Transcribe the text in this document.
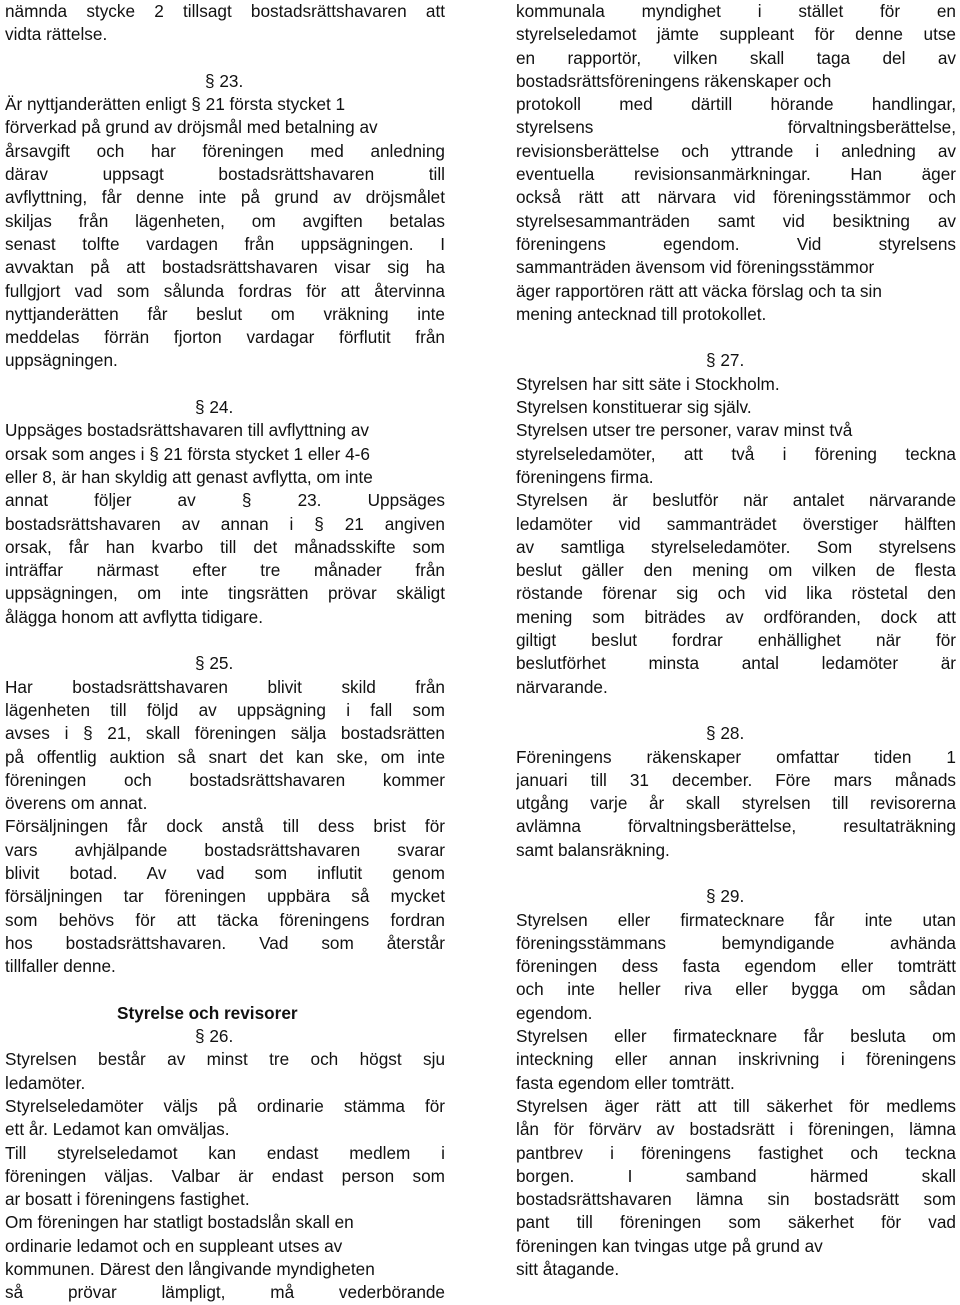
nämnda stycke 2 tillsagt bostadsrättshavaren att
vidta rättelse.
§ 23.
Är nyttjanderätten enligt § 21 första stycket 1
förverkad på grund av dröjsmål med betalning av
årsavgift och har föreningen med anledning
därav uppsagt bostadsrättshavaren till
avflyttning, får denne inte på grund av dröjsmålet
skiljas från lägenheten, om avgiften betalas
senast tolfte vardagen från uppsägningen. I
avvaktan på att bostadsrättshavaren visar sig ha
fullgjort vad som sålunda fordras för att återvinna
nyttjanderätten får beslut om vräkning inte
meddelas förrän fjorton vardagar förflutit från
uppsägningen.
§ 24.
Uppsäges bostadsrättshavaren till avflyttning av
orsak som anges i § 21 första stycket 1 eller 4-6
eller 8, är han skyldig att genast avflytta, om inte
annat följer av § 23. Uppsäges
bostadsrättshavaren av annan i § 21 angiven
orsak, får han kvarbo till det månadsskifte som
inträffar närmast efter tre månader från
uppsägningen, om inte tingsrätten prövar skäligt
ålägga honom att avflytta tidigare.
§ 25.
Har bostadsrättshavaren blivit skild från
lägenheten till följd av uppsägning i fall som
avses i § 21, skall föreningen sälja bostadsrätten
på offentlig auktion så snart det kan ske, om inte
föreningen och bostadsrättshavaren kommer
överens om annat.
Försäljningen får dock anstå till dess brist för
vars avhjälpande bostadsrättshavaren svarar
blivit botad. Av vad som influtit genom
försäljningen tar föreningen uppbära så mycket
som behövs för att täcka föreningens fordran
hos bostadsrättshavaren. Vad som återstår
tillfaller denne.
Styrelse och revisorer
§ 26.
Styrelsen består av minst tre och högst sju
ledamöter.
Styrelseledamöter väljs på ordinarie stämma för
ett år. Ledamot kan omväljas.
Till styrelseledamot kan endast medlem i
föreningen väljas. Valbar är endast person som
ar bosatt i föreningens fastighet.
Om föreningen har statligt bostadslån skall en
ordinarie ledamot och en suppleant utses av
kommunen. Därest den långivande myndigheten
så prövar lämpligt, må vederbörande
kommunala myndighet i stället för en
styrelseledamot jämte suppleant för denne utse
en rapportör, vilken skall taga del av
bostadsrättsföreningens räkenskaper och
protokoll med därtill hörande handlingar,
styrelsens förvaltningsberättelse,
revisionsberättelse och yttrande i anledning av
eventuella revisionsanmärkningar. Han äger
också rätt att närvara vid föreningsstämmor och
styrelsesammanträden samt vid besiktning av
föreningens egendom. Vid styrelsens
sammanträden ävensom vid föreningsstämmor
äger rapportören rätt att väcka förslag och ta sin
mening antecknad till protokollet.
§ 27.
Styrelsen har sitt säte i Stockholm.
Styrelsen konstituerar sig själv.
Styrelsen utser tre personer, varav minst två
styrelseledamöter, att två i förening teckna
föreningens firma.
Styrelsen är beslutför när antalet närvarande
ledamöter vid sammanträdet överstiger hälften
av samtliga styrelseledamöter. Som styrelsens
beslut gäller den mening om vilken de flesta
röstande förenar sig och vid lika röstetal den
mening som biträdes av ordföranden, dock att
giltigt beslut fordrar enhällighet när för
beslutförhet minsta antal ledamöter är
närvarande.
§ 28.
Föreningens räkenskaper omfattar tiden 1
januari till 31 december. Före mars månads
utgång varje år skall styrelsen till revisorerna
avlämna förvaltningsberättelse, resultaträkning
samt balansräkning.
§ 29.
Styrelsen eller firmatecknare får inte utan
föreningsstämmans bemyndigande avhända
föreningen dess fasta egendom eller tomträtt
och inte heller riva eller bygga om sådan
egendom.
Styrelsen eller firmatecknare får besluta om
inteckning eller annan inskrivning i föreningens
fasta egendom eller tomträtt.
Styrelsen äger rätt att till säkerhet för medlems
lån för förvärv av bostadsrätt i föreningen, lämna
pantbrev i föreningens fastighet och teckna
borgen. I samband härmed skall
bostadsrättshavaren lämna sin bostadsrätt som
pant till föreningen som säkerhet för vad
föreningen kan tvingas utge på grund av
sitt åtagande.
